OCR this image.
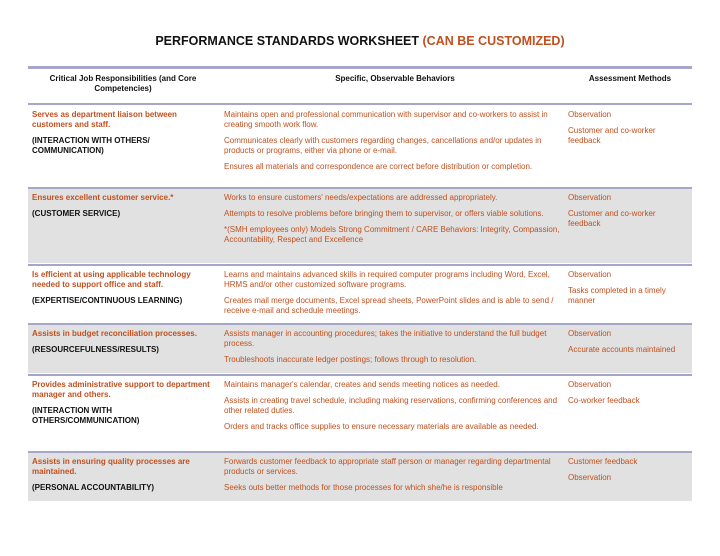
PERFORMANCE STANDARDS WORKSHEET (CAN BE CUSTOMIZED)
Critical Job Responsibilities (and Core Competencies)
Specific, Observable Behaviors	Assessment Methods
Serves as department liaison between customers and staff.
(INTERACTION WITH OTHERS/ COMMUNICATION)
Maintains open and professional communication with supervisor and co-workers to assist in creating smooth work flow.
Communicates clearly with customers regarding changes, cancellations and/or updates in products or programs, either via phone or e-mail.
Ensures all materials and correspondence are correct before distribution or completion.
Observation
Customer and co-worker feedback
Ensures excellent customer service.*
(CUSTOMER SERVICE)
Works to ensure customers' needs/expectations are addressed appropriately.
Attempts to resolve problems before bringing them to supervisor, or offers viable solutions.
*(SMH employees only) Models Strong Commitment / CARE Behaviors: Integrity, Compassion, Accountability, Respect and Excellence
Observation
Customer and co-worker feedback
Is efficient at using applicable technology needed to support office and staff.
(EXPERTISE/CONTINUOUS LEARNING)
Learns and maintains advanced skills in required computer programs including Word, Excel, HRMS and/or other customized software programs.
Creates mail merge documents, Excel spread sheets, PowerPoint slides and is able to send / receive e-mail and schedule meetings.
Observation
Tasks completed in a timely manner
Assists in budget reconciliation processes.
(RESOURCEFULNESS/RESULTS)
Assists manager in accounting procedures; takes the initiative to understand the full budget process.
Troubleshoots inaccurate ledger postings; follows through to resolution.
Observation
Accurate accounts maintained
Provides administrative support to department manager and others.
(INTERACTION WITH OTHERS/COMMUNICATION)
Maintains manager's calendar, creates and sends meeting notices as needed.
Assists in creating travel schedule, including making reservations, confirming conferences and other related duties.
Orders and tracks office supplies to ensure necessary materials are available as needed.
Observation
Co-worker feedback
Assists in ensuring quality processes are maintained.
(PERSONAL ACCOUNTABILITY)
Forwards customer feedback to appropriate staff person or manager regarding departmental products or services.
Seeks outs better methods for those processes for which she/he is responsible
Customer feedback
Observation
